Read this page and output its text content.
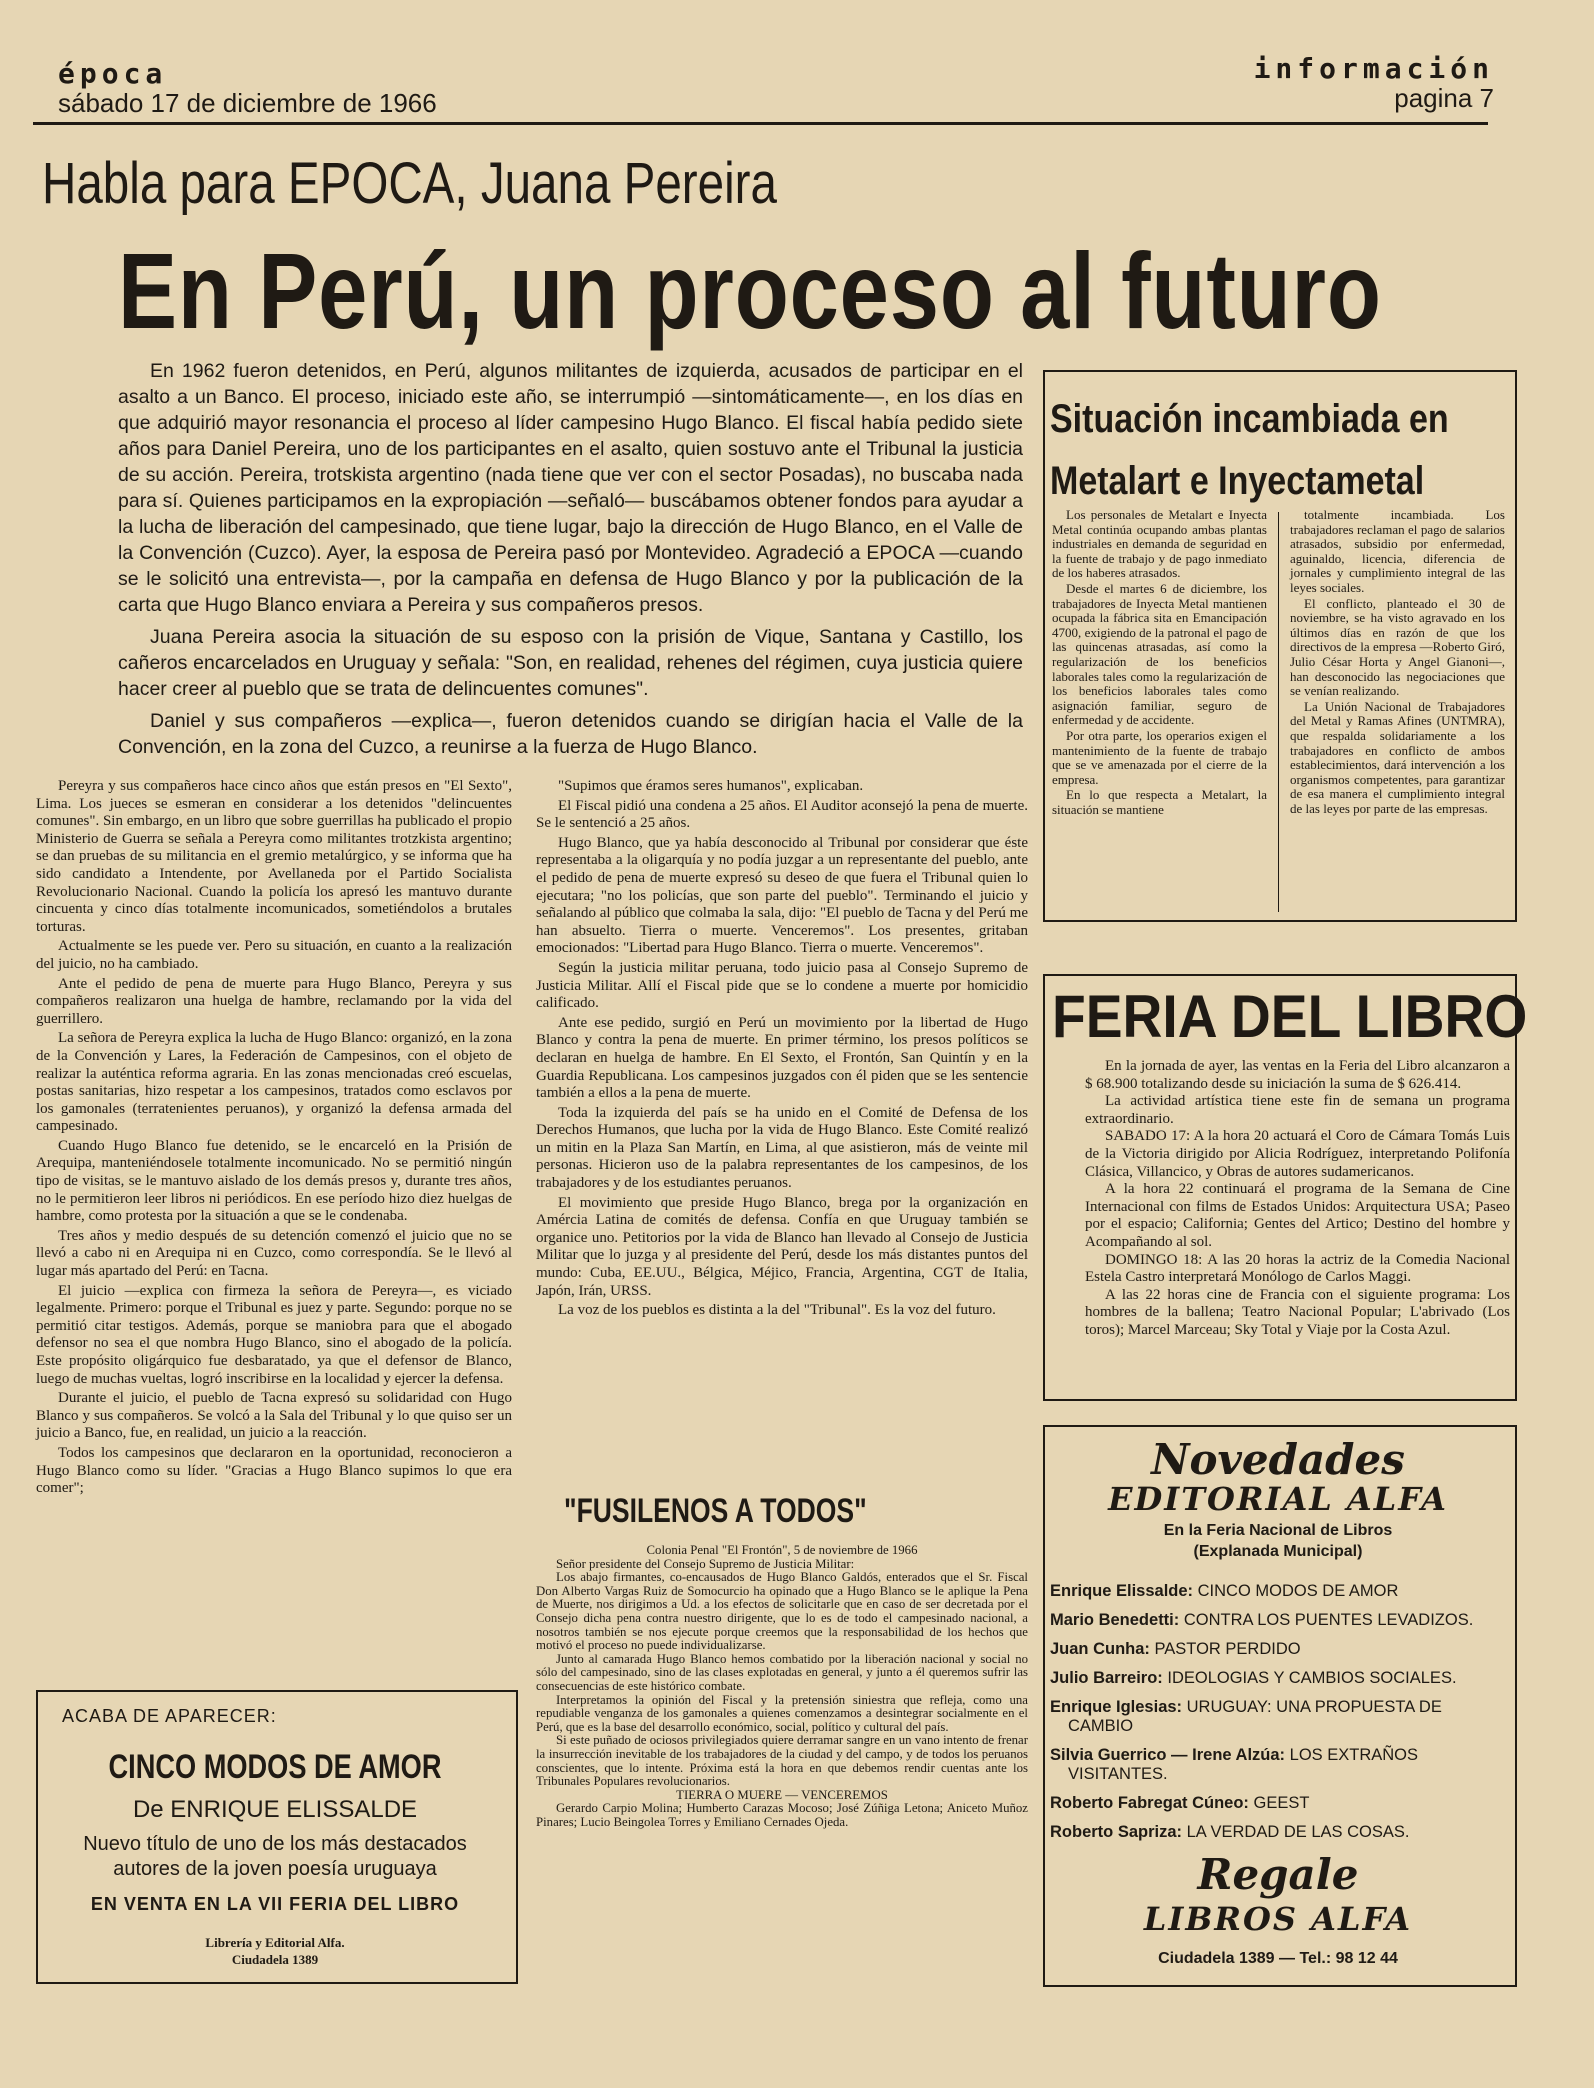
época
sábado 17 de diciembre de 1966
información
pagina 7
Habla para EPOCA, Juana Pereira
En Perú, un proceso al futuro

En 1962 fueron detenidos, en Perú, algunos militantes de izquierda, acusados de participar en el asalto a un Banco. El proceso, iniciado este año, se interrumpió —sintomáticamente—, en los días en que adquirió mayor resonancia el proceso al líder campesino Hugo Blanco. El fiscal había pedido siete años para Daniel Pereira, uno de los participantes en el asalto, quien sostuvo ante el Tribunal la justicia de su acción. Pereira, trotskista argentino (nada tiene que ver con el sector Posadas), no buscaba nada para sí. Quienes participamos en la expropiación —señaló— buscábamos obtener fondos para ayudar a la lucha de liberación del campesinado, que tiene lugar, bajo la dirección de Hugo Blanco, en el Valle de la Convención (Cuzco). Ayer, la esposa de Pereira pasó por Montevideo. Agradeció a EPOCA —cuando se le solicitó una entrevista—, por la campaña en defensa de Hugo Blanco y por la publicación de la carta que Hugo Blanco enviara a Pereira y sus compañeros presos.

Juana Pereira asocia la situación de su esposo con la prisión de Vique, Santana y Castillo, los cañeros encarcelados en Uruguay y señala: "Son, en realidad, rehenes del régimen, cuya justicia quiere hacer creer al pueblo que se trata de delincuentes comunes".

Daniel y sus compañeros —explica—, fueron detenidos cuando se dirigían hacia el Valle de la Convención, en la zona del Cuzco, a reunirse a la fuerza de Hugo Blanco.

Pereyra y sus compañeros hace cinco años que están presos en "El Sexto", Lima. Los jueces se esmeran en considerar a los detenidos "delincuentes comunes". Sin embargo, en un libro que sobre guerrillas ha publicado el propio Ministerio de Guerra se señala a Pereyra como militantes trotzkista argentino; se dan pruebas de su militancia en el gremio metalúrgico, y se informa que ha sido candidato a Intendente, por Avellaneda por el Partido Socialista Revolucionario Nacional. Cuando la policía los apresó les mantuvo durante cincuenta y cinco días totalmente incomunicados, sometiéndolos a brutales torturas.

Actualmente se les puede ver. Pero su situación, en cuanto a la realización del juicio, no ha cambiado.

Ante el pedido de pena de muerte para Hugo Blanco, Pereyra y sus compañeros realizaron una huelga de hambre, reclamando por la vida del guerrillero.

La señora de Pereyra explica la lucha de Hugo Blanco: organizó, en la zona de la Convención y Lares, la Federación de Campesinos, con el objeto de realizar la auténtica reforma agraria. En las zonas mencionadas creó escuelas, postas sanitarias, hizo respetar a los campesinos, tratados como esclavos por los gamonales (terratenientes peruanos), y organizó la defensa armada del campesinado.

Cuando Hugo Blanco fue detenido, se le encarceló en la Prisión de Arequipa, manteniéndosele totalmente incomunicado. No se permitió ningún tipo de visitas, se le mantuvo aislado de los demás presos y, durante tres años, no le permitieron leer libros ni periódicos. En ese período hizo diez huelgas de hambre, como protesta por la situación a que se le condenaba.

Tres años y medio después de su detención comenzó el juicio que no se llevó a cabo ni en Arequipa ni en Cuzco, como correspondía. Se le llevó al lugar más apartado del Perú: en Tacna.

El juicio —explica con firmeza la señora de Pereyra—, es viciado legalmente. Primero: porque el Tribunal es juez y parte. Segundo: porque no se permitió citar testigos. Además, porque se maniobra para que el abogado defensor no sea el que nombra Hugo Blanco, sino el abogado de la policía. Este propósito oligárquico fue desbaratado, ya que el defensor de Blanco, luego de muchas vueltas, logró inscribirse en la localidad y ejercer la defensa.

Durante el juicio, el pueblo de Tacna expresó su solidaridad con Hugo Blanco y sus compañeros. Se volcó a la Sala del Tribunal y lo que quiso ser un juicio a Banco, fue, en realidad, un juicio a la reacción.

Todos los campesinos que declararon en la oportunidad, reconocieron a Hugo Blanco como su líder. "Gracias a Hugo Blanco supimos lo que era comer";

"Supimos que éramos seres humanos", explicaban.

El Fiscal pidió una condena a 25 años. El Auditor aconsejó la pena de muerte. Se le sentenció a 25 años.

Hugo Blanco, que ya había desconocido al Tribunal por considerar que éste representaba a la oligarquía y no podía juzgar a un representante del pueblo, ante el pedido de pena de muerte expresó su deseo de que fuera el Tribunal quien lo ejecutara; "no los policías, que son parte del pueblo". Terminando el juicio y señalando al público que colmaba la sala, dijo: "El pueblo de Tacna y del Perú me han absuelto. Tierra o muerte. Venceremos". Los presentes, gritaban emocionados: "Libertad para Hugo Blanco. Tierra o muerte. Venceremos".

Según la justicia militar peruana, todo juicio pasa al Consejo Supremo de Justicia Militar. Allí el Fiscal pide que se lo condene a muerte por homicidio calificado.

Ante ese pedido, surgió en Perú un movimiento por la libertad de Hugo Blanco y contra la pena de muerte. En primer término, los presos políticos se declaran en huelga de hambre. En El Sexto, el Frontón, San Quintín y en la Guardia Republicana. Los campesinos juzgados con él piden que se les sentencie también a ellos a la pena de muerte.

Toda la izquierda del país se ha unido en el Comité de Defensa de los Derechos Humanos, que lucha por la vida de Hugo Blanco. Este Comité realizó un mitin en la Plaza San Martín, en Lima, al que asistieron, más de veinte mil personas. Hicieron uso de la palabra representantes de los campesinos, de los trabajadores y de los estudiantes peruanos.

El movimiento que preside Hugo Blanco, brega por la organización en Amércia Latina de comités de defensa. Confía en que Uruguay también se organice uno. Petitorios por la vida de Blanco han llevado al Consejo de Justicia Militar que lo juzga y al presidente del Perú, desde los más distantes puntos del mundo: Cuba, EE.UU., Bélgica, Méjico, Francia, Argentina, CGT de Italia, Japón, Irán, URSS.

La voz de los pueblos es distinta a la del "Tribunal". Es la voz del futuro.

Situación incambiada en
Metalart e Inyectametal

Los personales de Metalart e Inyecta Metal continúa ocupando ambas plantas industriales en demanda de seguridad en la fuente de trabajo y de pago inmediato de los haberes atrasados.

Desde el martes 6 de diciembre, los trabajadores de Inyecta Metal mantienen ocupada la fábrica sita en Emancipación 4700, exigiendo de la patronal el pago de las quincenas atrasadas, así como la regularización de los beneficios laborales tales como la regularización de los beneficios laborales tales como asignación familiar, seguro de enfermedad y de accidente.

Por otra parte, los operarios exigen el mantenimiento de la fuente de trabajo que se ve amenazada por el cierre de la empresa.

En lo que respecta a Metalart, la situación se mantiene

totalmente incambiada. Los trabajadores reclaman el pago de salarios atrasados, subsidio por enfermedad, aguinaldo, licencia, diferencia de jornales y cumplimiento integral de las leyes sociales.

El conflicto, planteado el 30 de noviembre, se ha visto agravado en los últimos días en razón de que los directivos de la empresa —Roberto Giró, Julio César Horta y Angel Gianoni—, han desconocido las negociaciones que se venían realizando.

La Unión Nacional de Trabajadores del Metal y Ramas Afines (UNTMRA), que respalda solidariamente a los trabajadores en conflicto de ambos establecimientos, dará intervención a los organismos competentes, para garantizar de esa manera el cumplimiento integral de las leyes por parte de las empresas.

FERIA DEL LIBRO

En la jornada de ayer, las ventas en la Feria del Libro alcanzaron a $ 68.900 totalizando desde su iniciación la suma de $ 626.414.

La actividad artística tiene este fin de semana un programa extraordinario.

SABADO 17: A la hora 20 actuará el Coro de Cámara Tomás Luis de la Victoria dirigido por Alicia Rodríguez, interpretando Polifonía Clásica, Villancico, y Obras de autores sudamericanos.

A la hora 22 continuará el programa de la Semana de Cine Internacional con films de Estados Unidos: Arquitectura USA; Paseo por el espacio; California; Gentes del Artico; Destino del hombre y Acompañando al sol.

DOMINGO 18: A las 20 horas la actriz de la Comedia Nacional Estela Castro interpretará Monólogo de Carlos Maggi.

A las 22 horas cine de Francia con el siguiente programa: Los hombres de la ballena; Teatro Nacional Popular; L'abrivado (Los toros); Marcel Marceau; Sky Total y Viaje por la Costa Azul.

Novedades
EDITORIAL ALFA
En la Feria Nacional de Libros
(Explanada Municipal)
Enrique Elissalde: CINCO MODOS DE AMOR
Mario Benedetti: CONTRA LOS PUENTES LEVADIZOS.
Juan Cunha: PASTOR PERDIDO
Julio Barreiro: IDEOLOGIAS Y CAMBIOS SOCIALES.
Enrique Iglesias: URUGUAY: UNA PROPUESTA DE CAMBIO
Silvia Guerrico — Irene Alzúa: LOS EXTRAÑOS VISITANTES.
Roberto Fabregat Cúneo: GEEST
Roberto Sapriza: LA VERDAD DE LAS COSAS.
Regale
LIBROS ALFA
Ciudadela 1389 — Tel.: 98 12 44
ACABA DE APARECER:
CINCO MODOS DE AMOR
De ENRIQUE ELISSALDE
Nuevo título de uno de los más destacados
autores de la joven poesía uruguaya
EN VENTA EN LA VII FERIA DEL LIBRO
Librería y Editorial Alfa.
Ciudadela 1389
"FUSILENOS A TODOS"

Colonia Penal "El Frontón", 5 de noviembre de 1966

Señor presidente del Consejo Supremo de Justicia Militar:

Los abajo firmantes, co-encausados de Hugo Blanco Galdós, enterados que el Sr. Fiscal Don Alberto Vargas Ruiz de Somocurcio ha opinado que a Hugo Blanco se le aplique la Pena de Muerte, nos dirigimos a Ud. a los efectos de solicitarle que en caso de ser decretada por el Consejo dicha pena contra nuestro dirigente, que lo es de todo el campesinado nacional, a nosotros también se nos ejecute porque creemos que la responsabilidad de los hechos que motivó el proceso no puede individualizarse.

Junto al camarada Hugo Blanco hemos combatido por la liberación nacional y social no sólo del campesinado, sino de las clases explotadas en general, y junto a él queremos sufrir las consecuencias de este histórico combate.

Interpretamos la opinión del Fiscal y la pretensión siniestra que refleja, como una repudiable venganza de los gamonales a quienes comenzamos a desintegrar socialmente en el Perú, que es la base del desarrollo económico, social, político y cultural del país.

Si este puñado de ociosos privilegiados quiere derramar sangre en un vano intento de frenar la insurrección inevitable de los trabajadores de la ciudad y del campo, y de todos los peruanos conscientes, que lo intente. Próxima está la hora en que debemos rendir cuentas ante los Tribunales Populares revolucionarios.

TIERRA O MUERE — VENCEREMOS

Gerardo Carpio Molina; Humberto Carazas Mocoso; José Zúñiga Letona; Aniceto Muñoz Pinares; Lucio Beingolea Torres y Emiliano Cernades Ojeda.
